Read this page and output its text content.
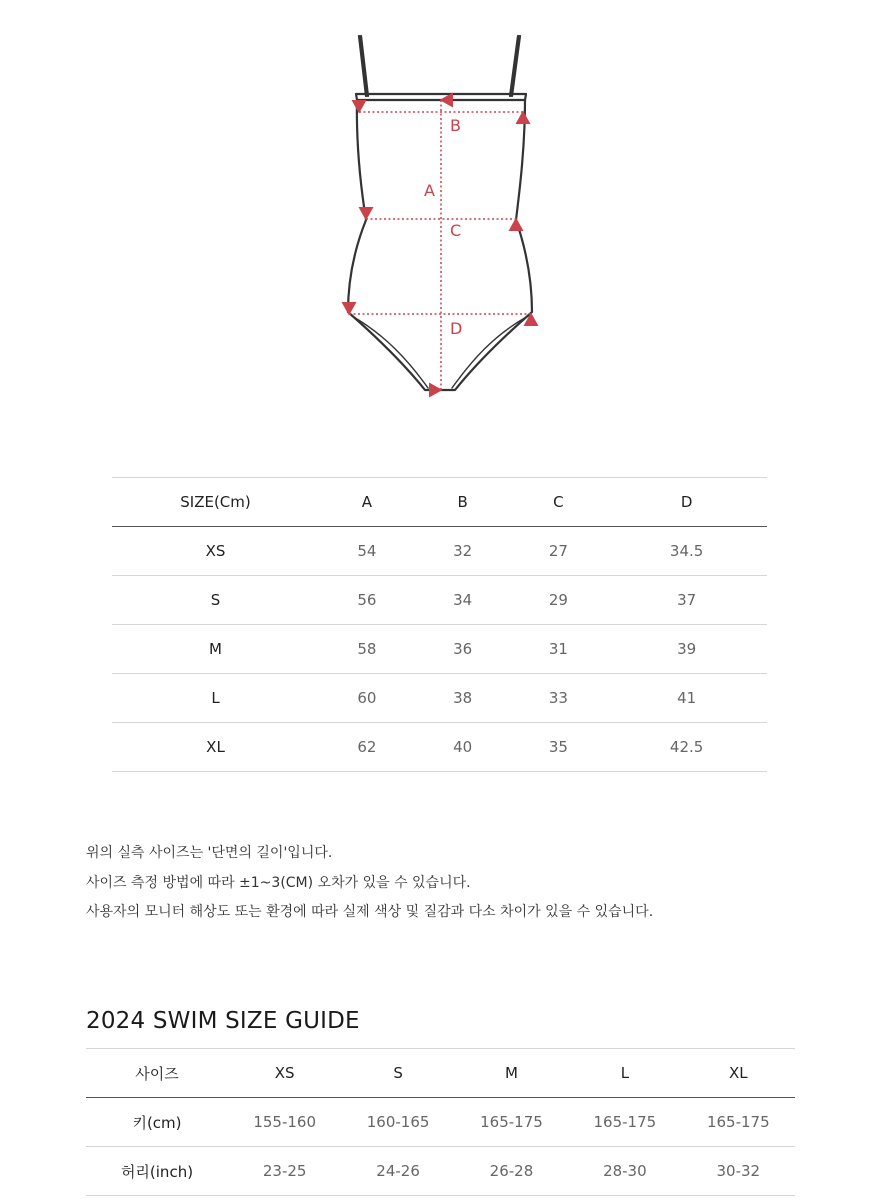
B
A
C
D
SIZE(Cm)	A	B	C	D
XS	54	32	27	34.5
S	56	34	29	37
M	58	36	31	39
L	60	38	33	41
XL	62	40	35	42.5

위의 실측 사이즈는 '단면의 길이'입니다.

사이즈 측정 방법에 따라 ±1~3(CM) 오차가 있을 수 있습니다.

사용자의 모니터 해상도 또는 환경에 따라 실제 색상 및 질감과 다소 차이가 있을 수 있습니다.

2024 SWIM SIZE GUIDE
사이즈	XS	S	M	L	XL
키(cm)	155-160	160-165	165-175	165-175	165-175
허리(inch)	23-25	24-26	26-28	28-30	30-32
